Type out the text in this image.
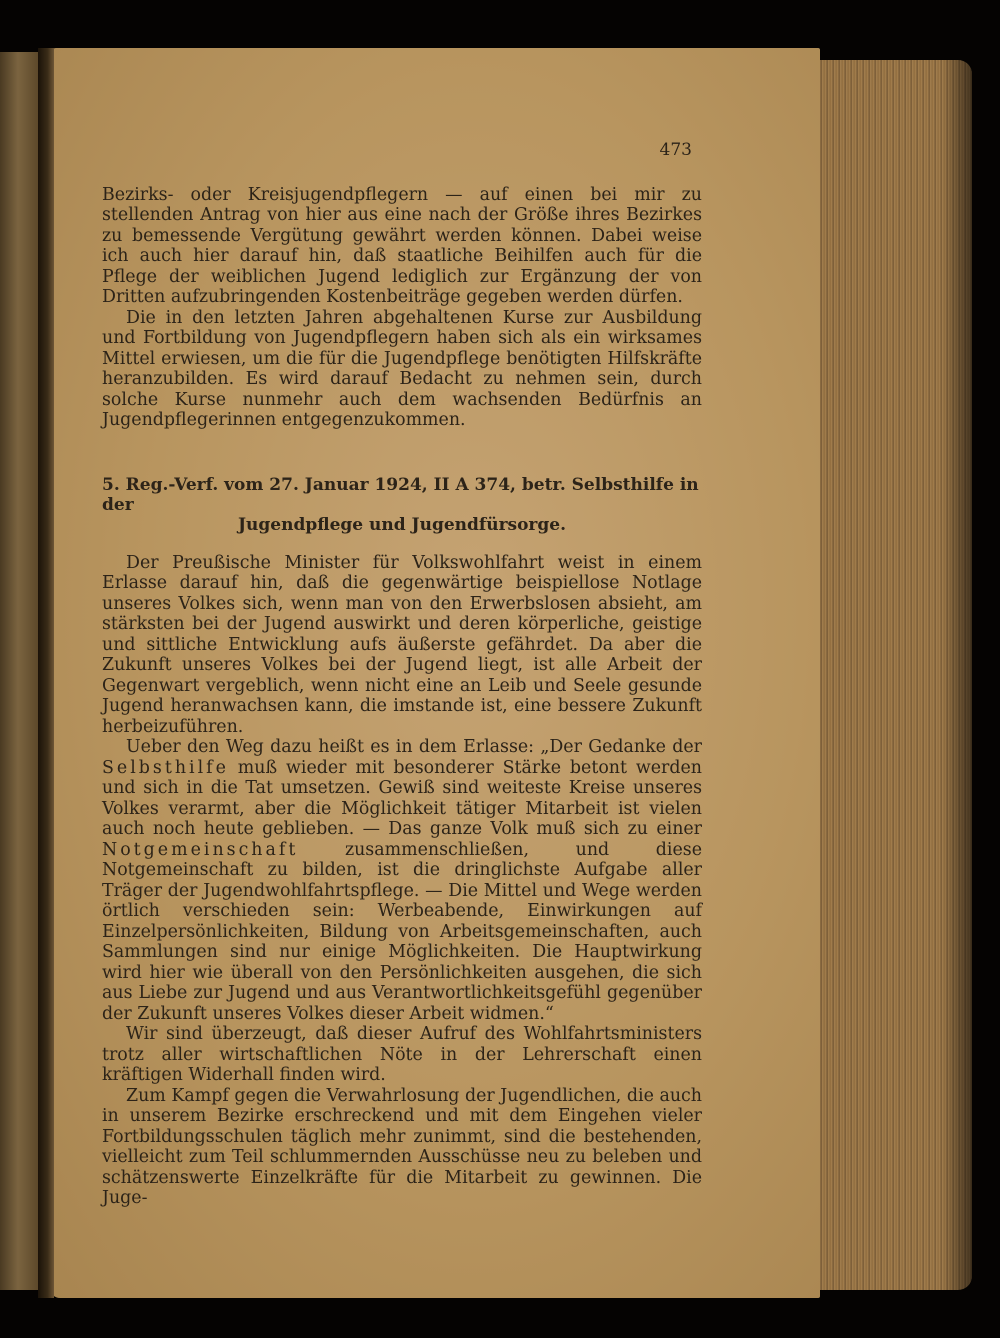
473

Bezirks- oder Kreisjugendpflegern — auf einen bei mir zu stellenden Antrag von hier aus eine nach der Größe ihres Bezirkes zu bemessende Vergütung gewährt werden können. Dabei weise ich auch hier darauf hin, daß staatliche Beihilfen auch für die Pflege der weiblichen Jugend lediglich zur Ergänzung der von Dritten aufzubringenden Kostenbeiträge gegeben werden dürfen.

Die in den letzten Jahren abgehaltenen Kurse zur Ausbildung und Fortbildung von Jugendpflegern haben sich als ein wirksames Mittel erwiesen, um die für die Jugendpflege benötigten Hilfskräfte heranzubilden. Es wird darauf Bedacht zu nehmen sein, durch solche Kurse nunmehr auch dem wachsenden Bedürfnis an Jugendpflegerinnen entgegenzukommen.

5. Reg.-Verf. vom 27. Januar 1924, II A 374, betr. Selbsthilfe in der
Jugendpflege und Jugendfürsorge.

Der Preußische Minister für Volkswohlfahrt weist in einem Erlasse darauf hin, daß die gegenwärtige beispiellose Notlage unseres Volkes sich, wenn man von den Erwerbslosen absieht, am stärksten bei der Jugend auswirkt und deren körperliche, geistige und sittliche Entwicklung aufs äußerste gefährdet. Da aber die Zukunft unseres Volkes bei der Jugend liegt, ist alle Arbeit der Gegenwart vergeblich, wenn nicht eine an Leib und Seele gesunde Jugend heranwachsen kann, die imstande ist, eine bessere Zukunft herbeizuführen.

Ueber den Weg dazu heißt es in dem Erlasse: „Der Gedanke der Selbsthilfe muß wieder mit besonderer Stärke betont werden und sich in die Tat umsetzen. Gewiß sind weiteste Kreise unseres Volkes verarmt, aber die Möglichkeit tätiger Mitarbeit ist vielen auch noch heute geblieben. — Das ganze Volk muß sich zu einer Notgemeinschaft zusammenschließen, und diese Notgemeinschaft zu bilden, ist die dringlichste Aufgabe aller Träger der Jugendwohlfahrtspflege. — Die Mittel und Wege werden örtlich verschieden sein: Werbeabende, Einwirkungen auf Einzelpersönlichkeiten, Bildung von Arbeitsgemeinschaften, auch Sammlungen sind nur einige Möglichkeiten. Die Hauptwirkung wird hier wie überall von den Persönlichkeiten ausgehen, die sich aus Liebe zur Jugend und aus Verantwortlichkeitsgefühl gegenüber der Zukunft unseres Volkes dieser Arbeit widmen.“

Wir sind überzeugt, daß dieser Aufruf des Wohlfahrtsministers trotz aller wirtschaftlichen Nöte in der Lehrerschaft einen kräftigen Widerhall finden wird.

Zum Kampf gegen die Verwahrlosung der Jugendlichen, die auch in unserem Bezirke erschreckend und mit dem Eingehen vieler Fortbildungsschulen täglich mehr zunimmt, sind die bestehenden, vielleicht zum Teil schlummernden Ausschüsse neu zu beleben und schätzenswerte Einzelkräfte für die Mitarbeit zu gewinnen. Die Juge-
